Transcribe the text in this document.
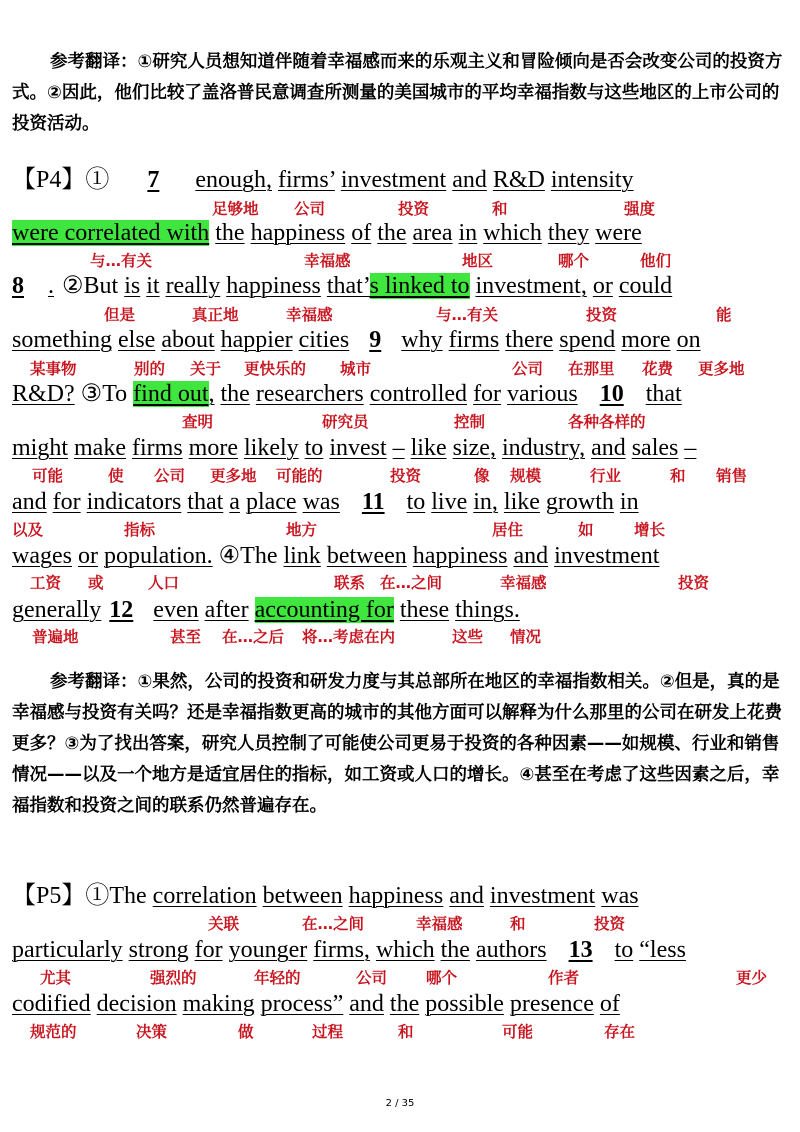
参考翻译：①研究人员想知道伴随着幸福感而来的乐观主义和冒险倾向是否会改变公司的投资方式。②因此，他们比较了盖洛普民意调查所测量的美国城市的平均幸福指数与这些地区的上市公司的投资活动。

【P4】① 7 enough, firms’ investment and R&D intensity
足够地 公司	投资	和	强度
were correlated with the happiness of the area in which they were
与…有关	幸福感	地区	哪个	他们
8 . ②But is it really happiness that’s linked to investment, or could
但是	真正地	幸福感	与…有关	投资	能
something else about happier cities 9 why firms there spend more on
某事物	别的 关于 更快乐的 城市	公司 在那里 花费 更多地
R&D? ③To find out, the researchers controlled for various 10 that
查明	研究员	控制	各种各样的
might make firms more likely to invest – like size, industry, and sales –
可能	使 公司 更多地 可能的	投资	像 规模	行业	和 销售
and for indicators that a place was 11 to live in, like growth in
以及	指标	地方	居住	如	增长
wages or population. ④The link between happiness and investment
工资 或	人口	联系 在…之间	幸福感	投资
generally 12 even after accounting for these things.
普遍地	甚至 在…之后 将…考虑在内	这些 情况

参考翻译：①果然，公司的投资和研发力度与其总部所在地区的幸福指数相关。②但是，真的是幸福感与投资有关吗？还是幸福指数更高的城市的其他方面可以解释为什么那里的公司在研发上花费更多？③为了找出答案，研究人员控制了可能使公司更易于投资的各种因素——如规模、行业和销售情况——以及一个地方是适宜居住的指标，如工资或人口的增长。④甚至在考虑了这些因素之后，幸福指数和投资之间的联系仍然普遍存在。

【P5】①The correlation between happiness and investment was
关联	在…之间	幸福感	和	投资
particularly strong for younger firms, which the authors 13 to “less
尤其	强烈的	年轻的	公司	哪个	作者	更少
codified decision making process” and the possible presence of
规范的	决策	做	过程	和	可能	存在
2 / 35
